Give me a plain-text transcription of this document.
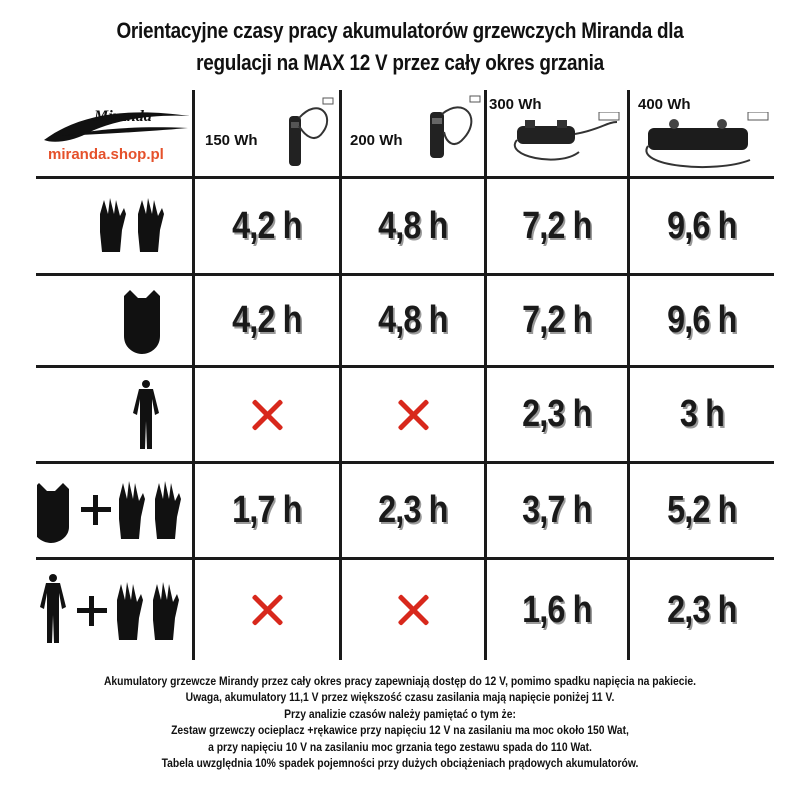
Orientacyjne czasy pracy akumulatorów grzewczych Miranda dla
regulacji na MAX 12 V przez cały okres grzania
Miranda
miranda.shop.pl
150 Wh	200 Wh
300 Wh	400 Wh
4,2 h 4,8 h 7,2 h 9,6 h
4,2 h 4,8 h 7,2 h 9,6 h
2,3 h 3 h
1,7 h 2,3 h 3,7 h 5,2 h
1,6 h 2,3 h
Akumulatory grzewcze Mirandy przez cały okres pracy zapewniają dostęp do 12 V, pomimo spadku napięcia na pakiecie.
Uwaga, akumulatory 11,1 V przez większość czasu zasilania mają napięcie poniżej 11 V.
Przy analizie czasów należy pamiętać o tym że:
Zestaw grzewczy ocieplacz +rękawice przy napięciu 12 V na zasilaniu ma moc około 150 Wat,
a przy napięciu 10 V na zasilaniu moc grzania tego zestawu spada do 110 Wat.
Tabela uwzględnia 10% spadek pojemności przy dużych obciążeniach prądowych akumulatorów.
